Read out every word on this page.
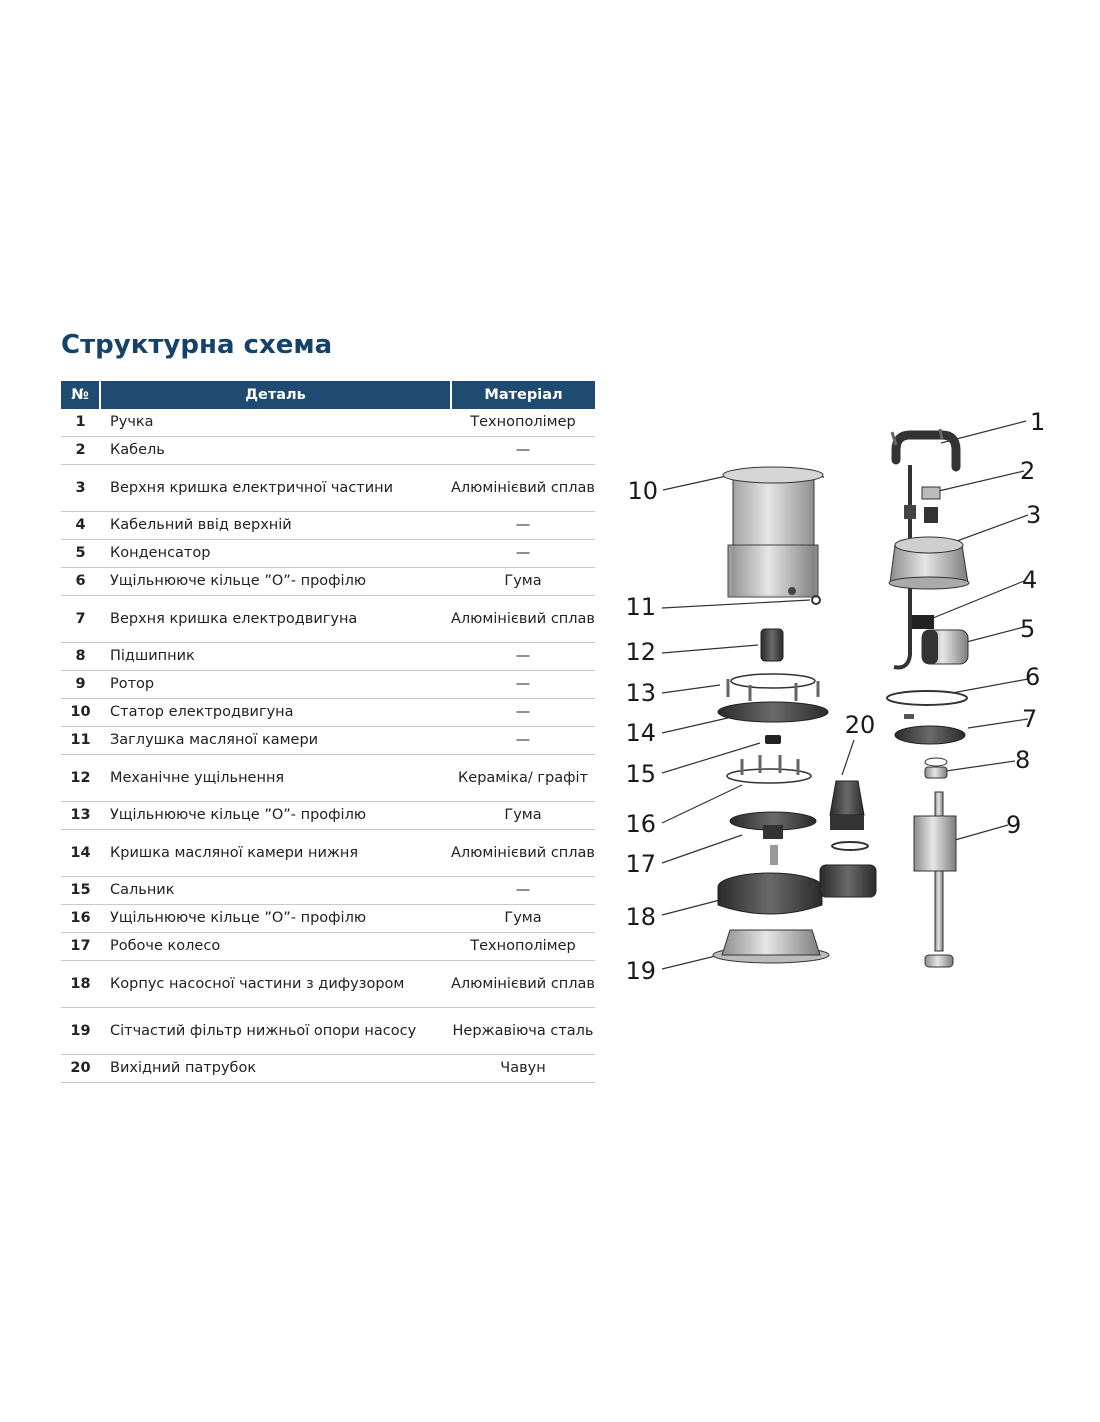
Структурна схема
№	Деталь	Матеріал
1	Ручка	Технополімер
2	Кабель	—
3	Верхня кришка електричної частини	Алюмінієвий сплав
4	Кабельний ввід верхній	—
5	Конденсатор	—
6	Ущільнююче кільце ”О”- профілю	Гума
7	Верхня кришка електродвигуна	Алюмінієвий сплав
8	Підшипник	—
9	Ротор	—
10	Статор електродвигуна	—
11	Заглушка масляної камери	—
12	Механічне ущільнення	Кераміка/ графіт
13	Ущільнююче кільце ”О”- профілю	Гума
14	Кришка масляної камери нижня	Алюмінієвий сплав
15	Сальник	—
16	Ущільнююче кільце ”О”- профілю	Гума
17	Робоче колесо	Технополімер
18	Корпус насосної частини з дифузором	Алюмінієвий сплав
19	Сітчастий фільтр нижньої опори насосу	Нержавіюча сталь
20	Вихідний патрубок	Чавун
1
2
3
4
5
6
7
8
9
10
11
12
13
14
15
16
17
18
19
20
